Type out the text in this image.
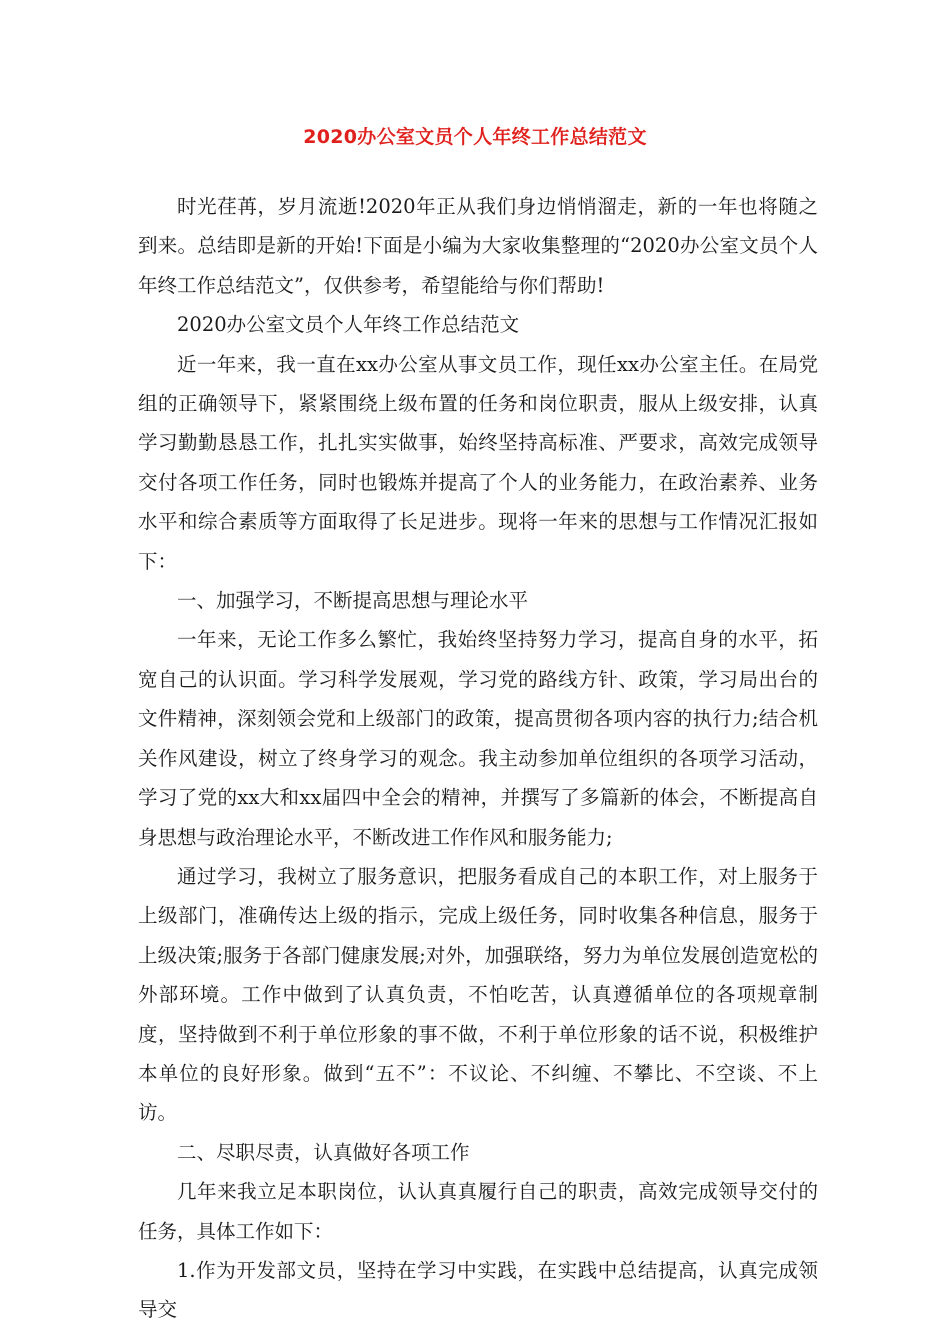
2020办公室文员个人年终工作总结范文

时光荏苒，岁月流逝!2020年正从我们身边悄悄溜走，新的一年也将随之到来。总结即是新的开始!下面是小编为大家收集整理的“2020办公室文员个人年终工作总结范文”，仅供参考，希望能给与你们帮助!

2020办公室文员个人年终工作总结范文

近一年来，我一直在xx办公室从事文员工作，现任xx办公室主任。在局党组的正确领导下，紧紧围绕上级布置的任务和岗位职责，服从上级安排，认真学习勤勤恳恳工作，扎扎实实做事，始终坚持高标准、严要求，高效完成领导交付各项工作任务，同时也锻炼并提高了个人的业务能力，在政治素养、业务水平和综合素质等方面取得了长足进步。现将一年来的思想与工作情况汇报如下：

一、加强学习，不断提高思想与理论水平

一年来，无论工作多么繁忙，我始终坚持努力学习，提高自身的水平，拓宽自己的认识面。学习科学发展观，学习党的路线方针、政策，学习局出台的文件精神，深刻领会党和上级部门的政策，提高贯彻各项内容的执行力;结合机关作风建设，树立了终身学习的观念。我主动参加单位组织的各项学习活动，学习了党的xx大和xx届四中全会的精神，并撰写了多篇新的体会，不断提高自身思想与政治理论水平，不断改进工作作风和服务能力;

通过学习，我树立了服务意识，把服务看成自己的本职工作，对上服务于上级部门，准确传达上级的指示，完成上级任务，同时收集各种信息，服务于上级决策;服务于各部门健康发展;对外，加强联络，努力为单位发展创造宽松的外部环境。工作中做到了认真负责，不怕吃苦，认真遵循单位的各项规章制度，坚持做到不利于单位形象的事不做，不利于单位形象的话不说，积极维护本单位的良好形象。做到“五不”：不议论、不纠缠、不攀比、不空谈、不上访。

二、尽职尽责，认真做好各项工作

几年来我立足本职岗位，认认真真履行自己的职责，高效完成领导交付的任务，具体工作如下：

1.作为开发部文员，坚持在学习中实践，在实践中总结提高，认真完成领导交
